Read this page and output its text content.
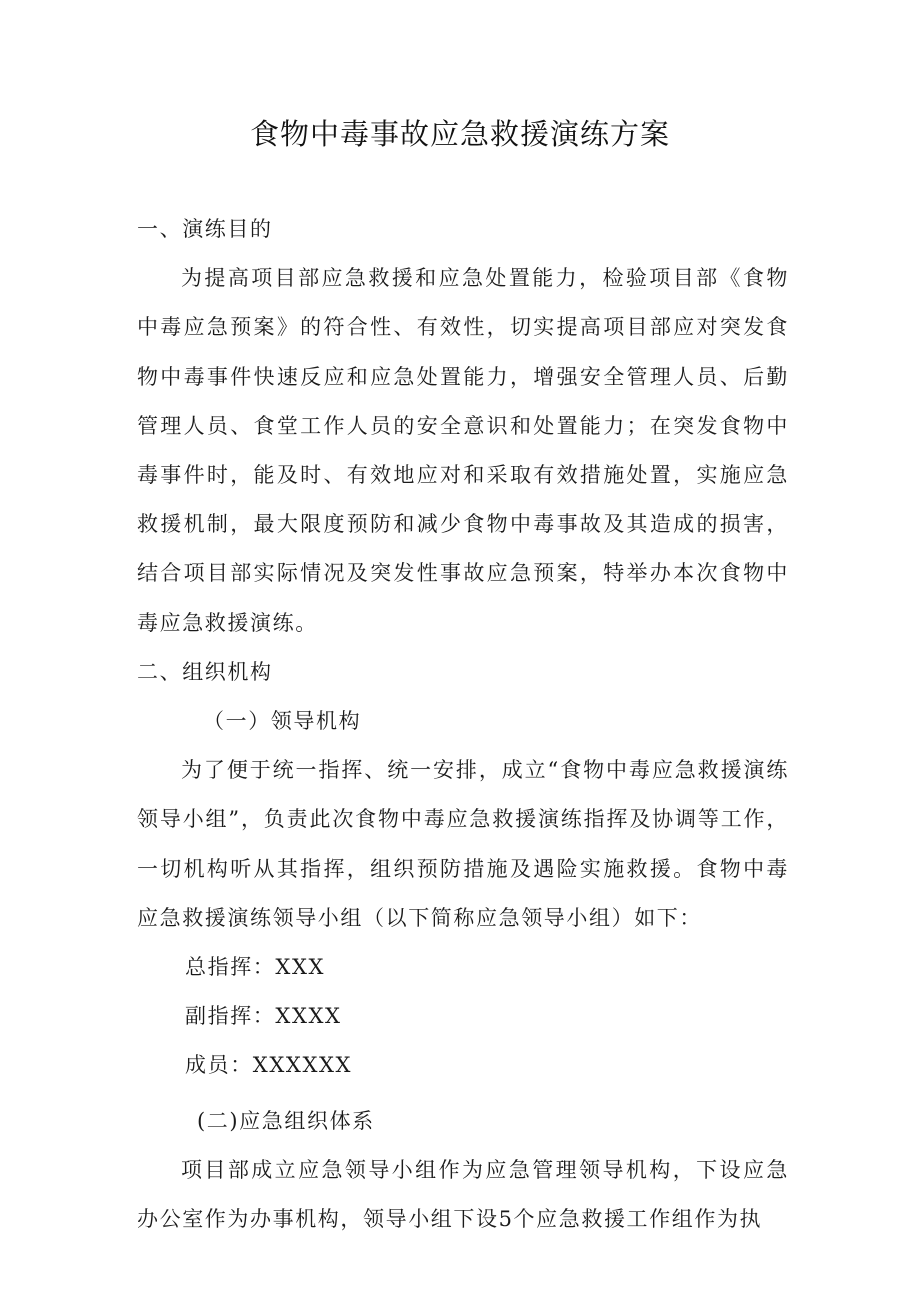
食物中毒事故应急救援演练方案

一、演练目的

为提高项目部应急救援和应急处置能力，检验项目部《食物中毒应急预案》的符合性、有效性，切实提高项目部应对突发食物中毒事件快速反应和应急处置能力，增强安全管理人员、后勤管理人员、食堂工作人员的安全意识和处置能力；在突发食物中毒事件时，能及时、有效地应对和采取有效措施处置，实施应急救援机制，最大限度预防和减少食物中毒事故及其造成的损害，结合项目部实际情况及突发性事故应急预案，特举办本次食物中毒应急救援演练。

二、组织机构

（一）领导机构

为了便于统一指挥、统一安排，成立“食物中毒应急救援演练领导小组”，负责此次食物中毒应急救援演练指挥及协调等工作，一切机构听从其指挥，组织预防措施及遇险实施救援。食物中毒应急救援演练领导小组（以下简称应急领导小组）如下：

总指挥：XXX

副指挥：XXXX

成员：XXXXXX

(二)应急组织体系

项目部成立应急领导小组作为应急管理领导机构，下设应急办公室作为办事机构，领导小组下设5个应急救援工作组作为执
